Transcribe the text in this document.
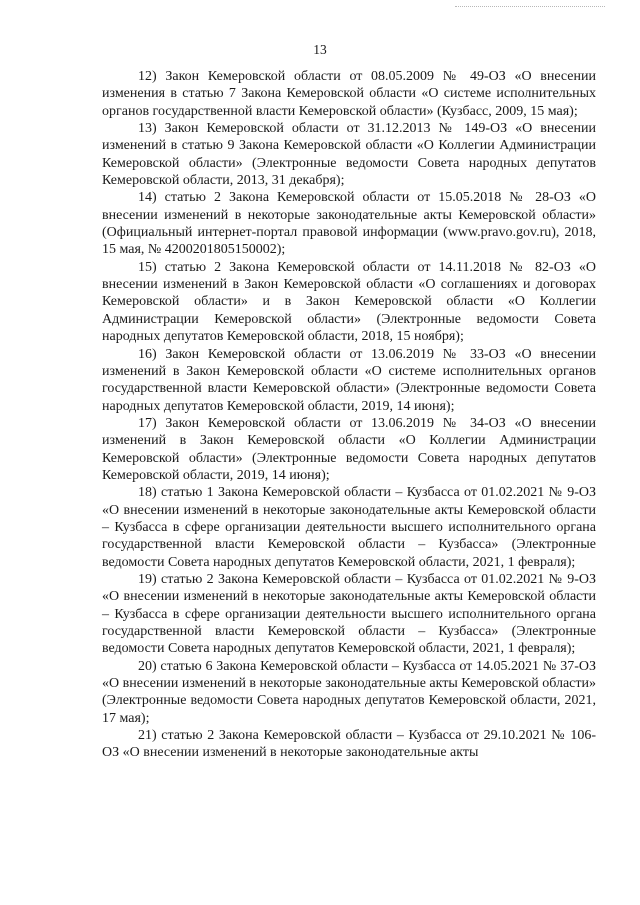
13

12) Закон Кемеровской области от 08.05.2009 № 49-ОЗ «О внесении изменения в статью 7 Закона Кемеровской области «О системе исполнительных органов государственной власти Кемеровской области» (Кузбасс, 2009, 15 мая);

13) Закон Кемеровской области от 31.12.2013 № 149-ОЗ «О внесении изменений в статью 9 Закона Кемеровской области «О Коллегии Администрации Кемеровской области» (Электронные ведомости Совета народных депутатов Кемеровской области, 2013, 31 декабря);

14) статью 2 Закона Кемеровской области от 15.05.2018 № 28-ОЗ «О внесении изменений в некоторые законодательные акты Кемеровской области» (Официальный интернет-портал правовой информации (www.pravo.gov.ru), 2018, 15 мая, № 4200201805150002);

15) статью 2 Закона Кемеровской области от 14.11.2018 № 82-ОЗ «О внесении изменений в Закон Кемеровской области «О соглашениях и договорах Кемеровской области» и в Закон Кемеровской области «О Коллегии Администрации Кемеровской области» (Электронные ведомости Совета народных депутатов Кемеровской области, 2018, 15 ноября);

16) Закон Кемеровской области от 13.06.2019 № 33-ОЗ «О внесении изменений в Закон Кемеровской области «О системе исполнительных органов государственной власти Кемеровской области» (Электронные ведомости Совета народных депутатов Кемеровской области, 2019, 14 июня);

17) Закон Кемеровской области от 13.06.2019 № 34-ОЗ «О внесении изменений в Закон Кемеровской области «О Коллегии Администрации Кемеровской области» (Электронные ведомости Совета народных депутатов Кемеровской области, 2019, 14 июня);

18) статью 1 Закона Кемеровской области – Кузбасса от 01.02.2021 № 9-ОЗ «О внесении изменений в некоторые законодательные акты Кемеровской области – Кузбасса в сфере организации деятельности высшего исполнительного органа государственной власти Кемеровской области – Кузбасса» (Электронные ведомости Совета народных депутатов Кемеровской области, 2021, 1 февраля);

19) статью 2 Закона Кемеровской области – Кузбасса от 01.02.2021 № 9-ОЗ «О внесении изменений в некоторые законодательные акты Кемеровской области – Кузбасса в сфере организации деятельности высшего исполнительного органа государственной власти Кемеровской области – Кузбасса» (Электронные ведомости Совета народных депутатов Кемеровской области, 2021, 1 февраля);

20) статью 6 Закона Кемеровской области – Кузбасса от 14.05.2021 № 37-ОЗ «О внесении изменений в некоторые законодательные акты Кемеровской области» (Электронные ведомости Совета народных депутатов Кемеровской области, 2021, 17 мая);

21) статью 2 Закона Кемеровской области – Кузбасса от 29.10.2021 № 106-ОЗ «О внесении изменений в некоторые законодательные акты
